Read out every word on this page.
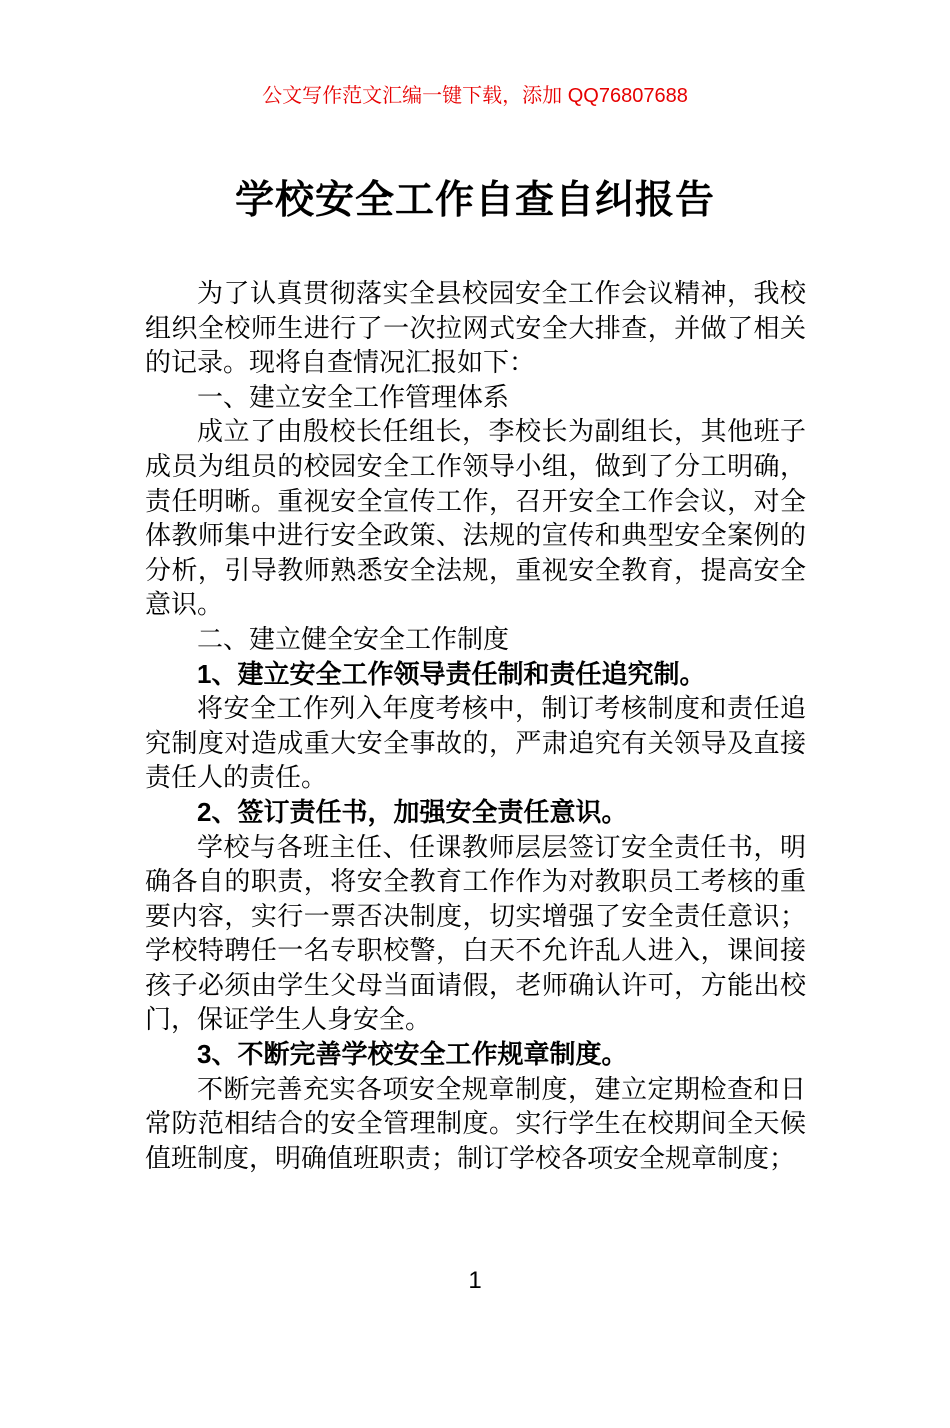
公文写作范文汇编一键下载，添加 QQ76807688
学校安全工作自查自纠报告

为了认真贯彻落实全县校园安全工作会议精神，我校组织全校师生进行了一次拉网式安全大排查，并做了相关的记录。现将自查情况汇报如下：

一、建立安全工作管理体系

成立了由殷校长任组长，李校长为副组长，其他班子成员为组员的校园安全工作领导小组，做到了分工明确，责任明晰。重视安全宣传工作，召开安全工作会议，对全体教师集中进行安全政策、法规的宣传和典型安全案例的分析，引导教师熟悉安全法规，重视安全教育，提高安全意识。

二、建立健全安全工作制度

1、建立安全工作领导责任制和责任追究制。

将安全工作列入年度考核中，制订考核制度和责任追究制度对造成重大安全事故的，严肃追究有关领导及直接责任人的责任。

2、签订责任书，加强安全责任意识。

学校与各班主任、任课教师层层签订安全责任书，明确各自的职责，将安全教育工作作为对教职员工考核的重要内容，实行一票否决制度，切实增强了安全责任意识；学校特聘任一名专职校警，白天不允许乱人进入，课间接孩子必须由学生父母当面请假，老师确认许可，方能出校门，保证学生人身安全。

3、不断完善学校安全工作规章制度。

不断完善充实各项安全规章制度，建立定期检查和日常防范相结合的安全管理制度。实行学生在校期间全天候值班制度，明确值班职责；制订学校各项安全规章制度；

1
